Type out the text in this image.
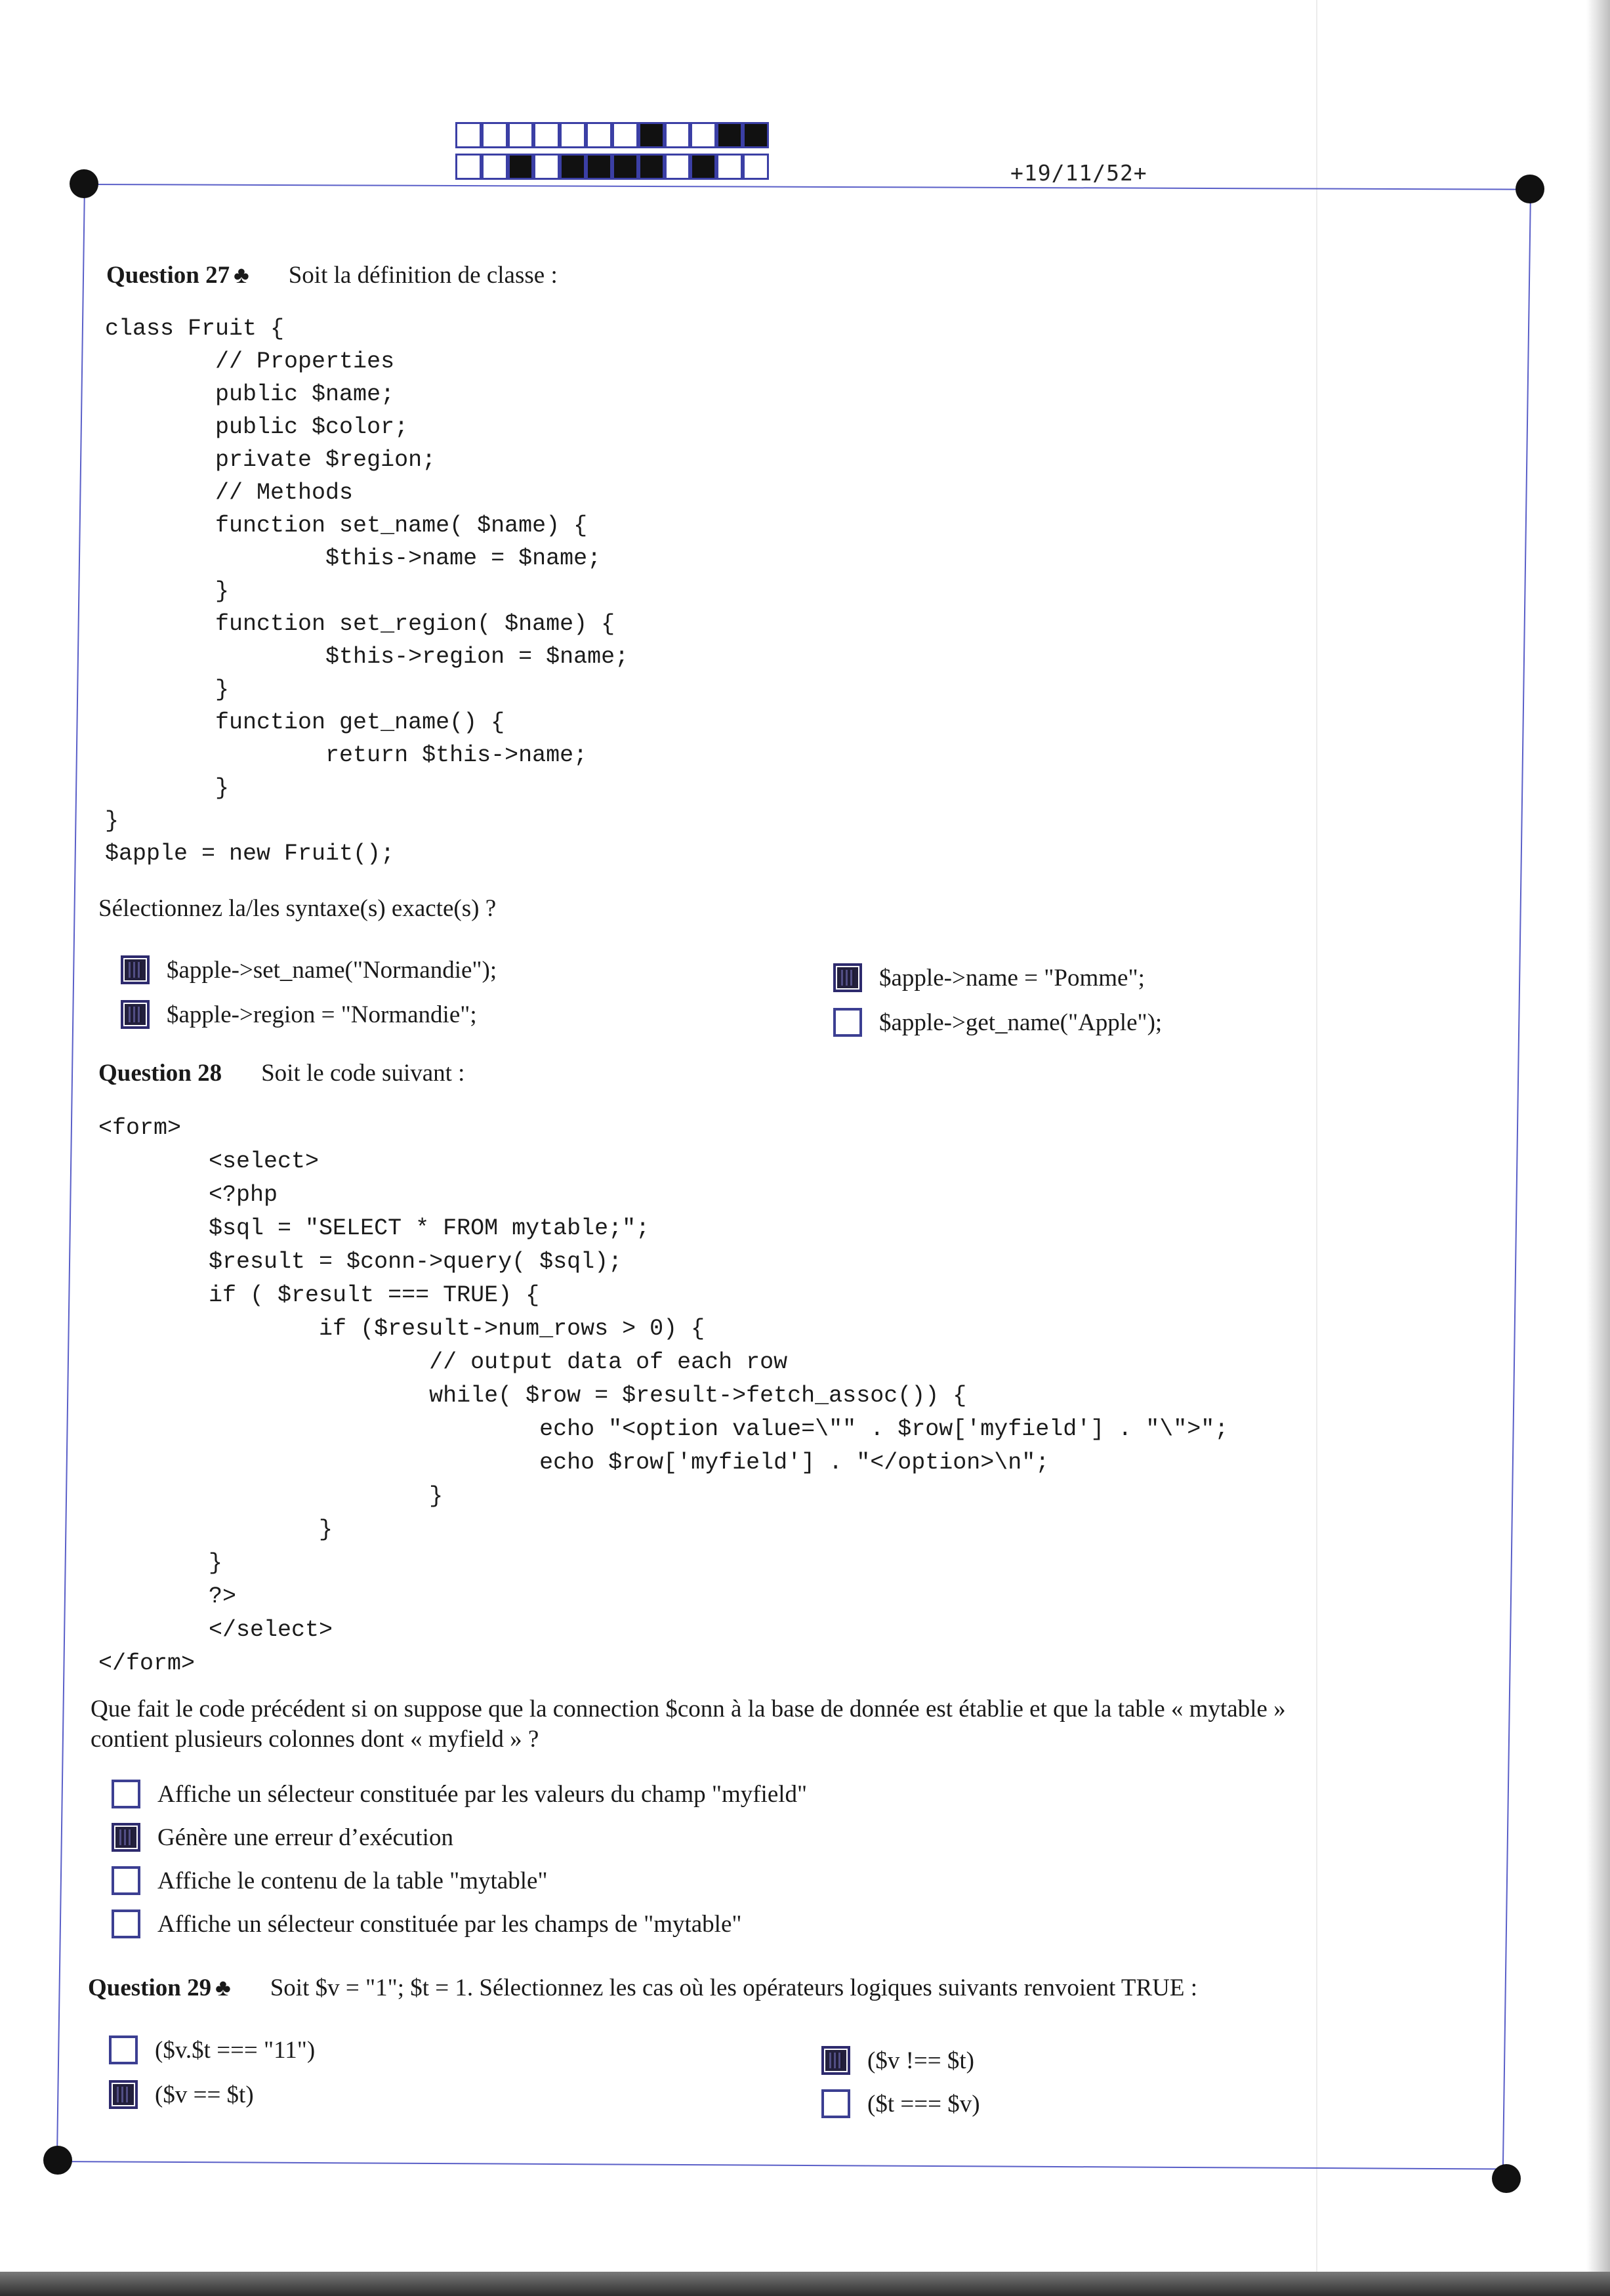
+19/11/52+
Question 27 ♣ Soit la définition de classe :
class Fruit {
// Properties
public $name;
public $color;
private $region;
// Methods
function set_name( $name) {
$this->name = $name;
}
function set_region( $name) {
$this->region = $name;
}
function get_name() {
return $this->name;
}
}
$apple = new Fruit();
Sélectionnez la/les syntaxe(s) exacte(s) ?
$apple->set_name("Normandie");
$apple->region = "Normandie";
$apple->name = "Pomme";
$apple->get_name("Apple");
Question 28 Soit le code suivant :
<form>
<select>
<?php
$sql = "SELECT * FROM mytable;";
$result = $conn->query( $sql);
if ( $result === TRUE) {
if ($result->num_rows > 0) {
// output data of each row
while( $row = $result->fetch_assoc()) {
echo "<option value=\"" . $row['myfield'] . "\">";
echo $row['myfield'] . "</option>\n";
}
}
}
?>
</select>
</form>
Que fait le code précédent si on suppose que la connection $conn à la base de donnée est établie et que la table « mytable »
contient plusieurs colonnes dont « myfield » ?
Affiche un sélecteur constituée par les valeurs du champ "myfield"
Génère une erreur d’exécution
Affiche le contenu de la table "mytable"
Affiche un sélecteur constituée par les champs de "mytable"
Question 29 ♣ Soit $v = "1"; $t = 1. Sélectionnez les cas où les opérateurs logiques suivants renvoient TRUE :
($v.$t === "11")
($v == $t)
($v !== $t)
($t === $v)
